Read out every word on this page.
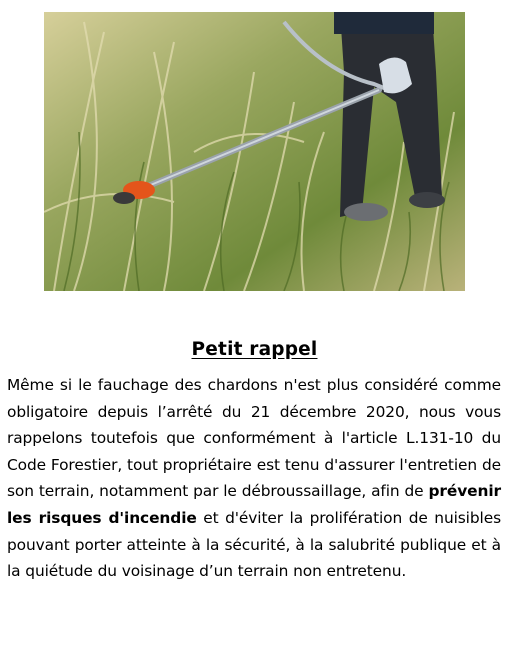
Petit rappel

Même si le fauchage des chardons n'est plus considéré comme obligatoire depuis l’arrêté du 21 décembre 2020, nous vous rappelons toutefois que conformément à l'article L.131-10 du Code Forestier, tout propriétaire est tenu d'assurer l'entretien de son terrain, notamment par le débroussaillage, afin de prévenir les risques d'incendie et d'éviter la prolifération de nuisibles pouvant porter atteinte à la sécurité, à la salubrité publique et à la quiétude du voisinage d’un terrain non entretenu.
